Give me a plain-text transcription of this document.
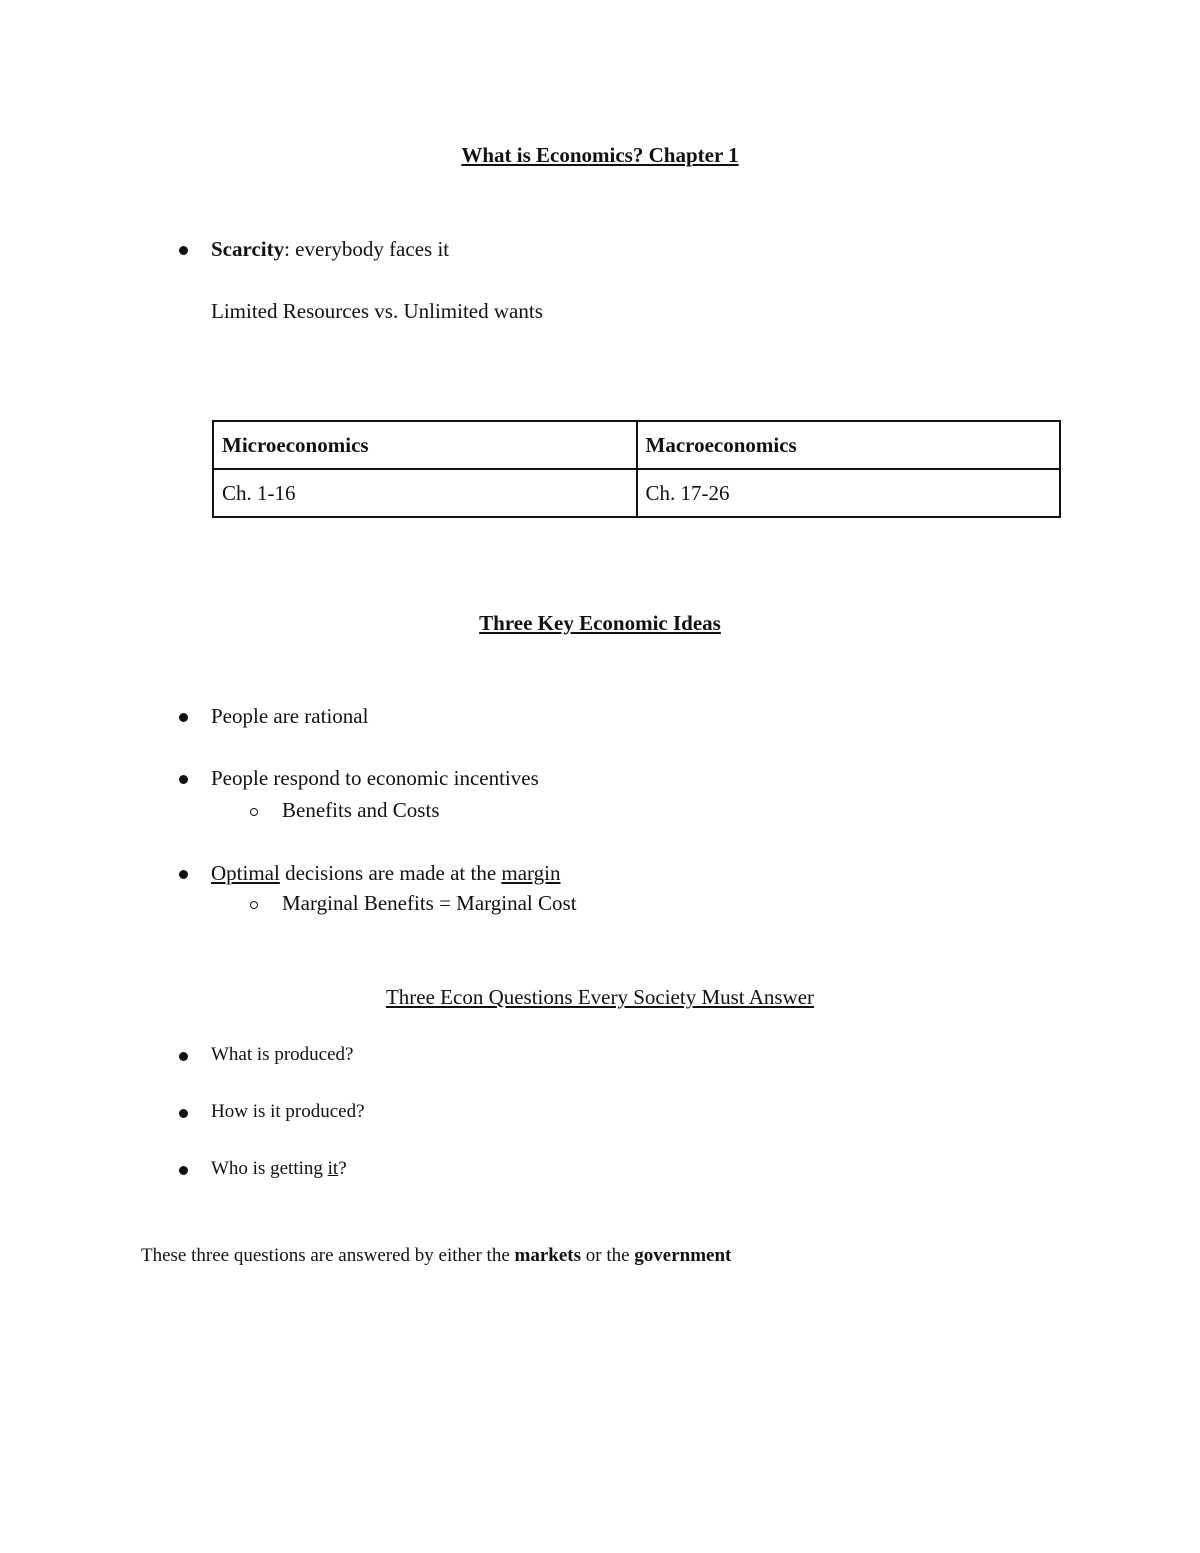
What is Economics? Chapter 1
Scarcity: everybody faces it
Limited Resources vs. Unlimited wants
Microeconomics	Macroeconomics
Ch. 1-16	Ch. 17-26
Three Key Economic Ideas
People are rational
People respond to economic incentives
Benefits and Costs
Optimal decisions are made at the margin
Marginal Benefits = Marginal Cost
Three Econ Questions Every Society Must Answer
What is produced?
How is it produced?
Who is getting it?
These three questions are answered by either the markets or the government
